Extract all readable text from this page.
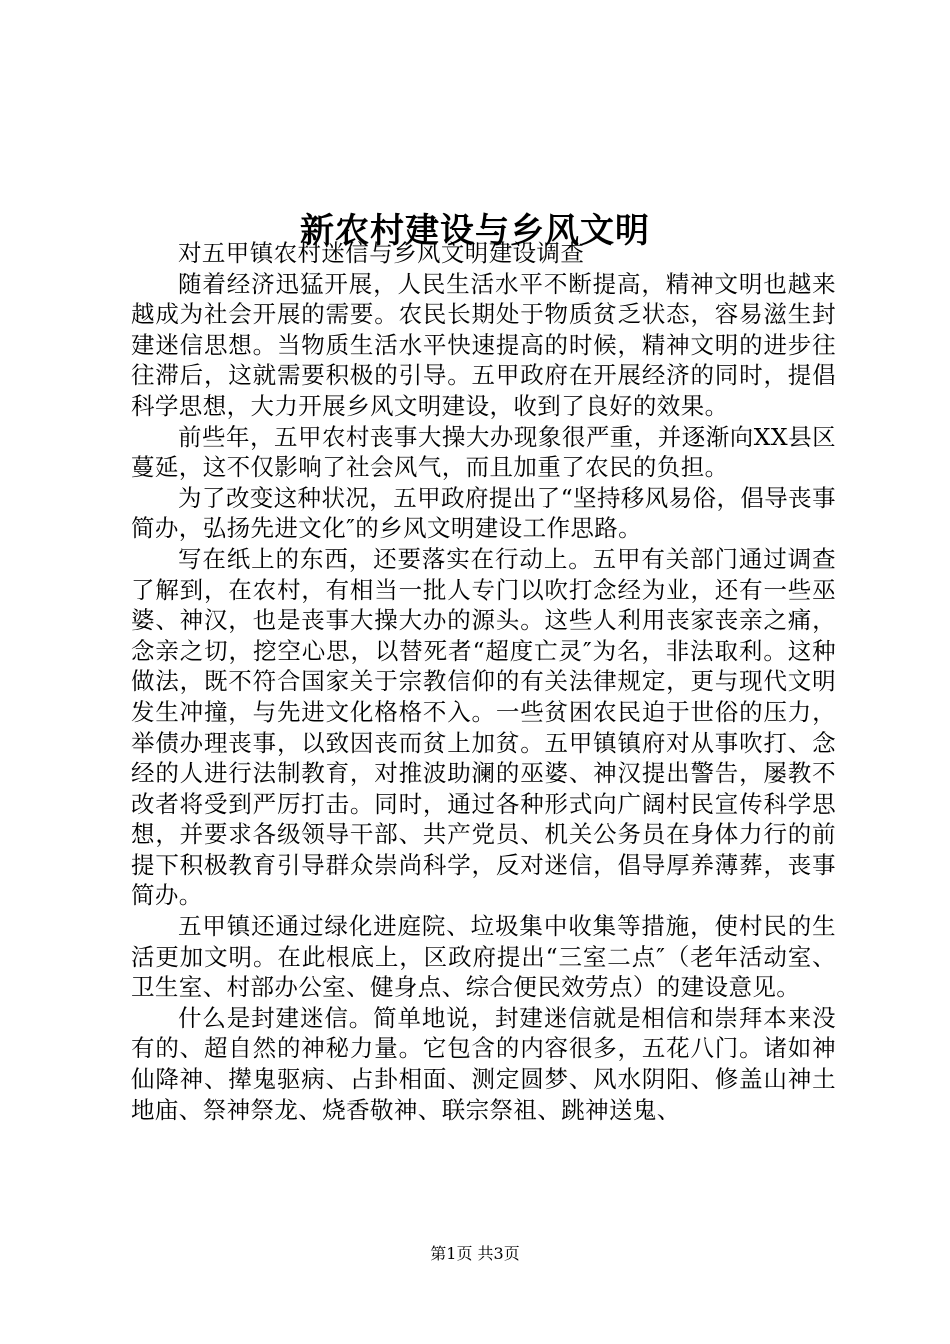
新农村建设与乡风文明

对五甲镇农村迷信与乡风文明建设调查

随着经济迅猛开展，人民生活水平不断提高，精神文明也越来越成为社会开展的需要。农民长期处于物质贫乏状态，容易滋生封建迷信思想。当物质生活水平快速提高的时候，精神文明的进步往往滞后，这就需要积极的引导。五甲政府在开展经济的同时，提倡科学思想，大力开展乡风文明建设，收到了良好的效果。

前些年，五甲农村丧事大操大办现象很严重，并逐渐向XX县区蔓延，这不仅影响了社会风气，而且加重了农民的负担。

为了改变这种状况，五甲政府提出了“坚持移风易俗，倡导丧事简办，弘扬先进文化″的乡风文明建设工作思路。

写在纸上的东西，还要落实在行动上。五甲有关部门通过调查了解到，在农村，有相当一批人专门以吹打念经为业，还有一些巫婆、神汉，也是丧事大操大办的源头。这些人利用丧家丧亲之痛，念亲之切，挖空心思，以替死者“超度亡灵″为名，非法取利。这种做法，既不符合国家关于宗教信仰的有关法律规定，更与现代文明发生冲撞，与先进文化格格不入。一些贫困农民迫于世俗的压力，举债办理丧事，以致因丧而贫上加贫。五甲镇镇府对从事吹打、念经的人进行法制教育，对推波助澜的巫婆、神汉提出警告，屡教不改者将受到严厉打击。同时，通过各种形式向广阔村民宣传科学思想，并要求各级领导干部、共产党员、机关公务员在身体力行的前提下积极教育引导群众崇尚科学，反对迷信，倡导厚养薄葬，丧事简办。

五甲镇还通过绿化进庭院、垃圾集中收集等措施，使村民的生活更加文明。在此根底上，区政府提出“三室二点″（老年活动室、卫生室、村部办公室、健身点、综合便民效劳点）的建设意见。

什么是封建迷信。简单地说，封建迷信就是相信和崇拜本来没有的、超自然的神秘力量。它包含的内容很多，五花八门。诸如神仙降神、撵鬼驱病、占卦相面、测定圆梦、风水阴阳、修盖山神土地庙、祭神祭龙、烧香敬神、联宗祭祖、跳神送鬼、

第1页 共3页
